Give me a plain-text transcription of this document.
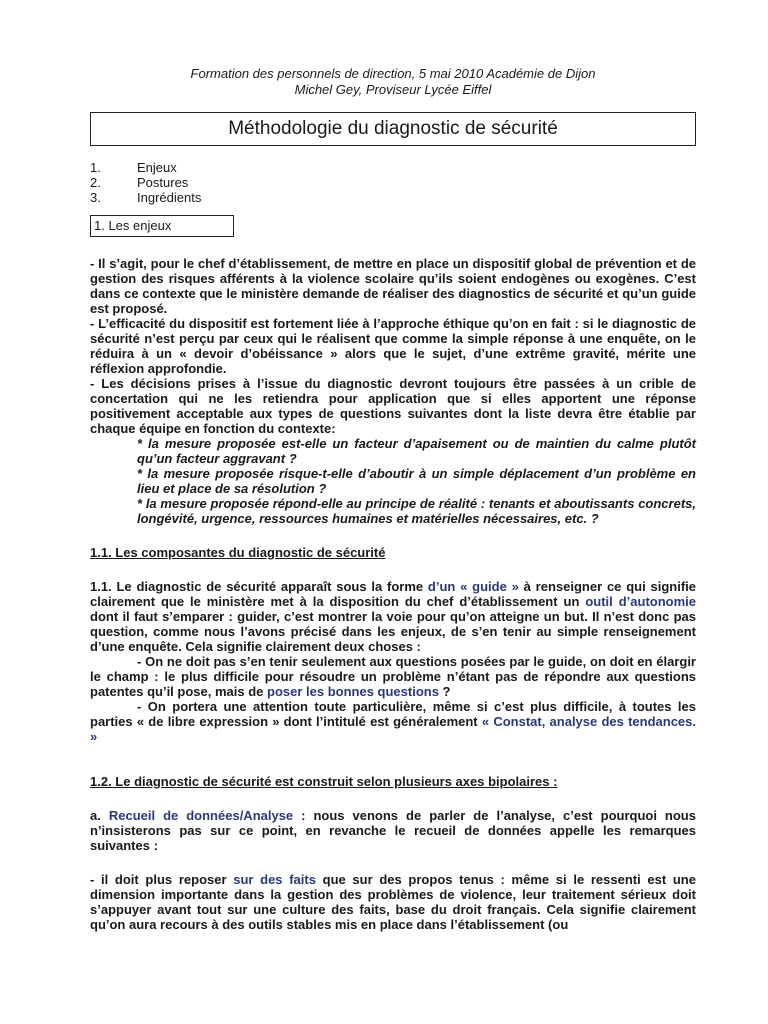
Formation des personnels de direction, 5 mai 2010 Académie de Dijon
Michel Gey, Proviseur Lycée Eiffel
Méthodologie du diagnostic de sécurité
1.	Enjeux
2.	Postures
3.	Ingrédients
1. Les enjeux

- Il s’agit, pour le chef d’établissement, de mettre en place un dispositif global de prévention et de gestion des risques afférents à la violence scolaire qu’ils soient endogènes ou exogènes. C’est dans ce contexte que le ministère demande de réaliser des diagnostics de sécurité et qu’un guide est proposé.

- L’efficacité du dispositif est fortement liée à l’approche éthique qu’on en fait : si le diagnostic de sécurité n’est perçu par ceux qui le réalisent que comme la simple réponse à une enquête, on le réduira à un « devoir d’obéissance » alors que le sujet, d’une extrême gravité, mérite une réflexion approfondie.

- Les décisions prises à l’issue du diagnostic devront toujours être passées à un crible de concertation qui ne les retiendra pour application que si elles apportent une réponse positivement acceptable aux types de questions suivantes dont la liste devra être établie par chaque équipe en fonction du contexte:

* la mesure proposée est-elle un facteur d’apaisement ou de maintien du calme plutôt qu’un facteur aggravant ?

* la mesure proposée risque-t-elle d’aboutir à un simple déplacement d’un problème en lieu et place de sa résolution ?

* la mesure proposée répond-elle au principe de réalité : tenants et aboutissants concrets, longévité, urgence, ressources humaines et matérielles nécessaires, etc. ?

1.1. Les composantes du diagnostic de sécurité

1.1. Le diagnostic de sécurité apparaît sous la forme d’un « guide » à renseigner ce qui signifie clairement que le ministère met à la disposition du chef d’établissement un outil d’autonomie dont il faut s’emparer : guider, c’est montrer la voie pour qu’on atteigne un but. Il n’est donc pas question, comme nous l’avons précisé dans les enjeux, de s’en tenir au simple renseignement d’une enquête. Cela signifie clairement deux choses :

- On ne doit pas s’en tenir seulement aux questions posées par le guide, on doit en élargir le champ : le plus difficile pour résoudre un problème n’étant pas de répondre aux questions patentes qu’il pose, mais de poser les bonnes questions ?

- On portera une attention toute particulière, même si c’est plus difficile, à toutes les parties « de libre expression » dont l’intitulé est généralement « Constat, analyse des tendances. »

1.2. Le diagnostic de sécurité est construit selon plusieurs axes bipolaires :

a. Recueil de données/Analyse : nous venons de parler de l’analyse, c’est pourquoi nous n’insisterons pas sur ce point, en revanche le recueil de données appelle les remarques suivantes :

- il doit plus reposer sur des faits que sur des propos tenus : même si le ressenti est une dimension importante dans la gestion des problèmes de violence, leur traitement sérieux doit s’appuyer avant tout sur une culture des faits, base du droit français. Cela signifie clairement qu’on aura recours à des outils stables mis en place dans l’établissement (ou
